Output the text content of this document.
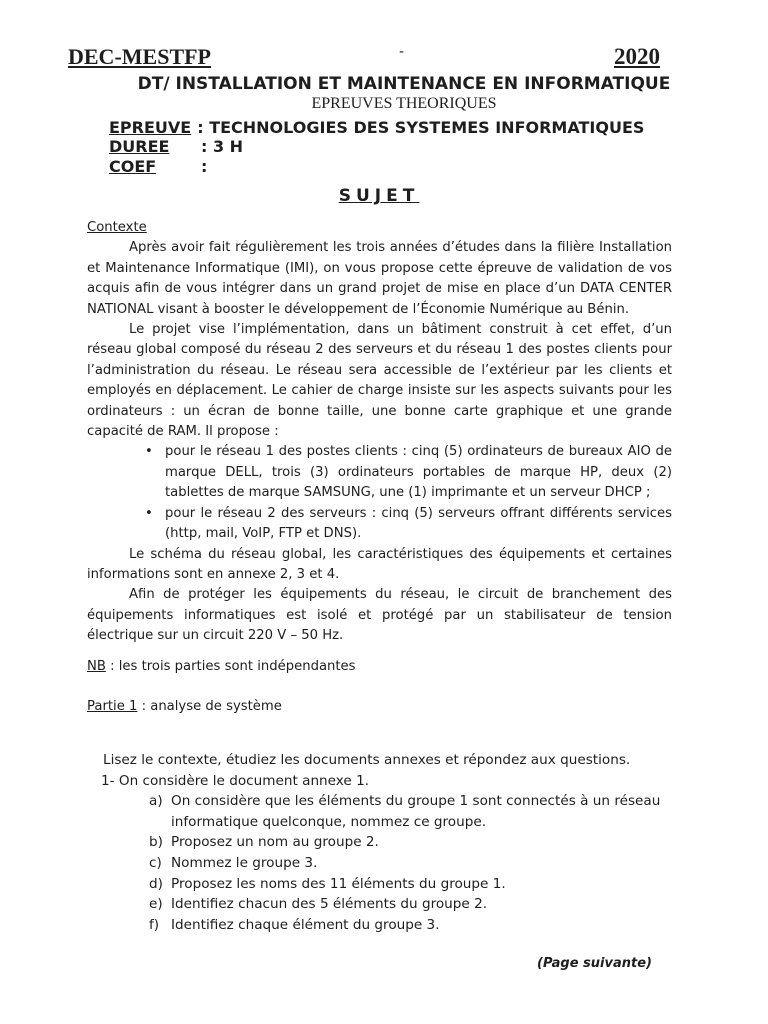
DEC-MESTFP	-	2020
DT/ INSTALLATION ET MAINTENANCE EN INFORMATIQUE
EPREUVES THEORIQUES
EPREUVE : TECHNOLOGIES DES SYSTEMES INFORMATIQUES
DUREE : 3 H
COEF	:
SUJET
Contexte

Après avoir fait régulièrement les trois années d’études dans la filière Installation et Maintenance Informatique (IMI), on vous propose cette épreuve de validation de vos acquis afin de vous intégrer dans un grand projet de mise en place d’un DATA CENTER NATIONAL visant à booster le développement de l’Économie Numérique au Bénin.

Le projet vise l’implémentation, dans un bâtiment construit à cet effet, d’un réseau global composé du réseau 2 des serveurs et du réseau 1 des postes clients pour l’administration du réseau. Le réseau sera accessible de l’extérieur par les clients et employés en déplacement. Le cahier de charge insiste sur les aspects suivants pour les ordinateurs : un écran de bonne taille, une bonne carte graphique et une grande capacité de RAM. Il propose :

• pour le réseau 1 des postes clients : cinq (5) ordinateurs de bureaux AIO de marque DELL, trois (3) ordinateurs portables de marque HP, deux (2) tablettes de marque SAMSUNG, une (1) imprimante et un serveur DHCP ;
• pour le réseau 2 des serveurs : cinq (5) serveurs offrant différents services (http, mail, VoIP, FTP et DNS).

Le schéma du réseau global, les caractéristiques des équipements et certaines informations sont en annexe 2, 3 et 4.

Afin de protéger les équipements du réseau, le circuit de branchement des équipements informatiques est isolé et protégé par un stabilisateur de tension électrique sur un circuit 220 V – 50 Hz.

NB : les trois parties sont indépendantes

Partie 1 : analyse de système

Lisez le contexte, étudiez les documents annexes et répondez aux questions.

1- On considère le document annexe 1.

a) On considère que les éléments du groupe 1 sont connectés à un réseau informatique quelconque, nommez ce groupe.
b) Proposez un nom au groupe 2.
c) Nommez le groupe 3.
d) Proposez les noms des 11 éléments du groupe 1.
e) Identifiez chacun des 5 éléments du groupe 2.
f) Identifiez chaque élément du groupe 3.
(Page suivante)
